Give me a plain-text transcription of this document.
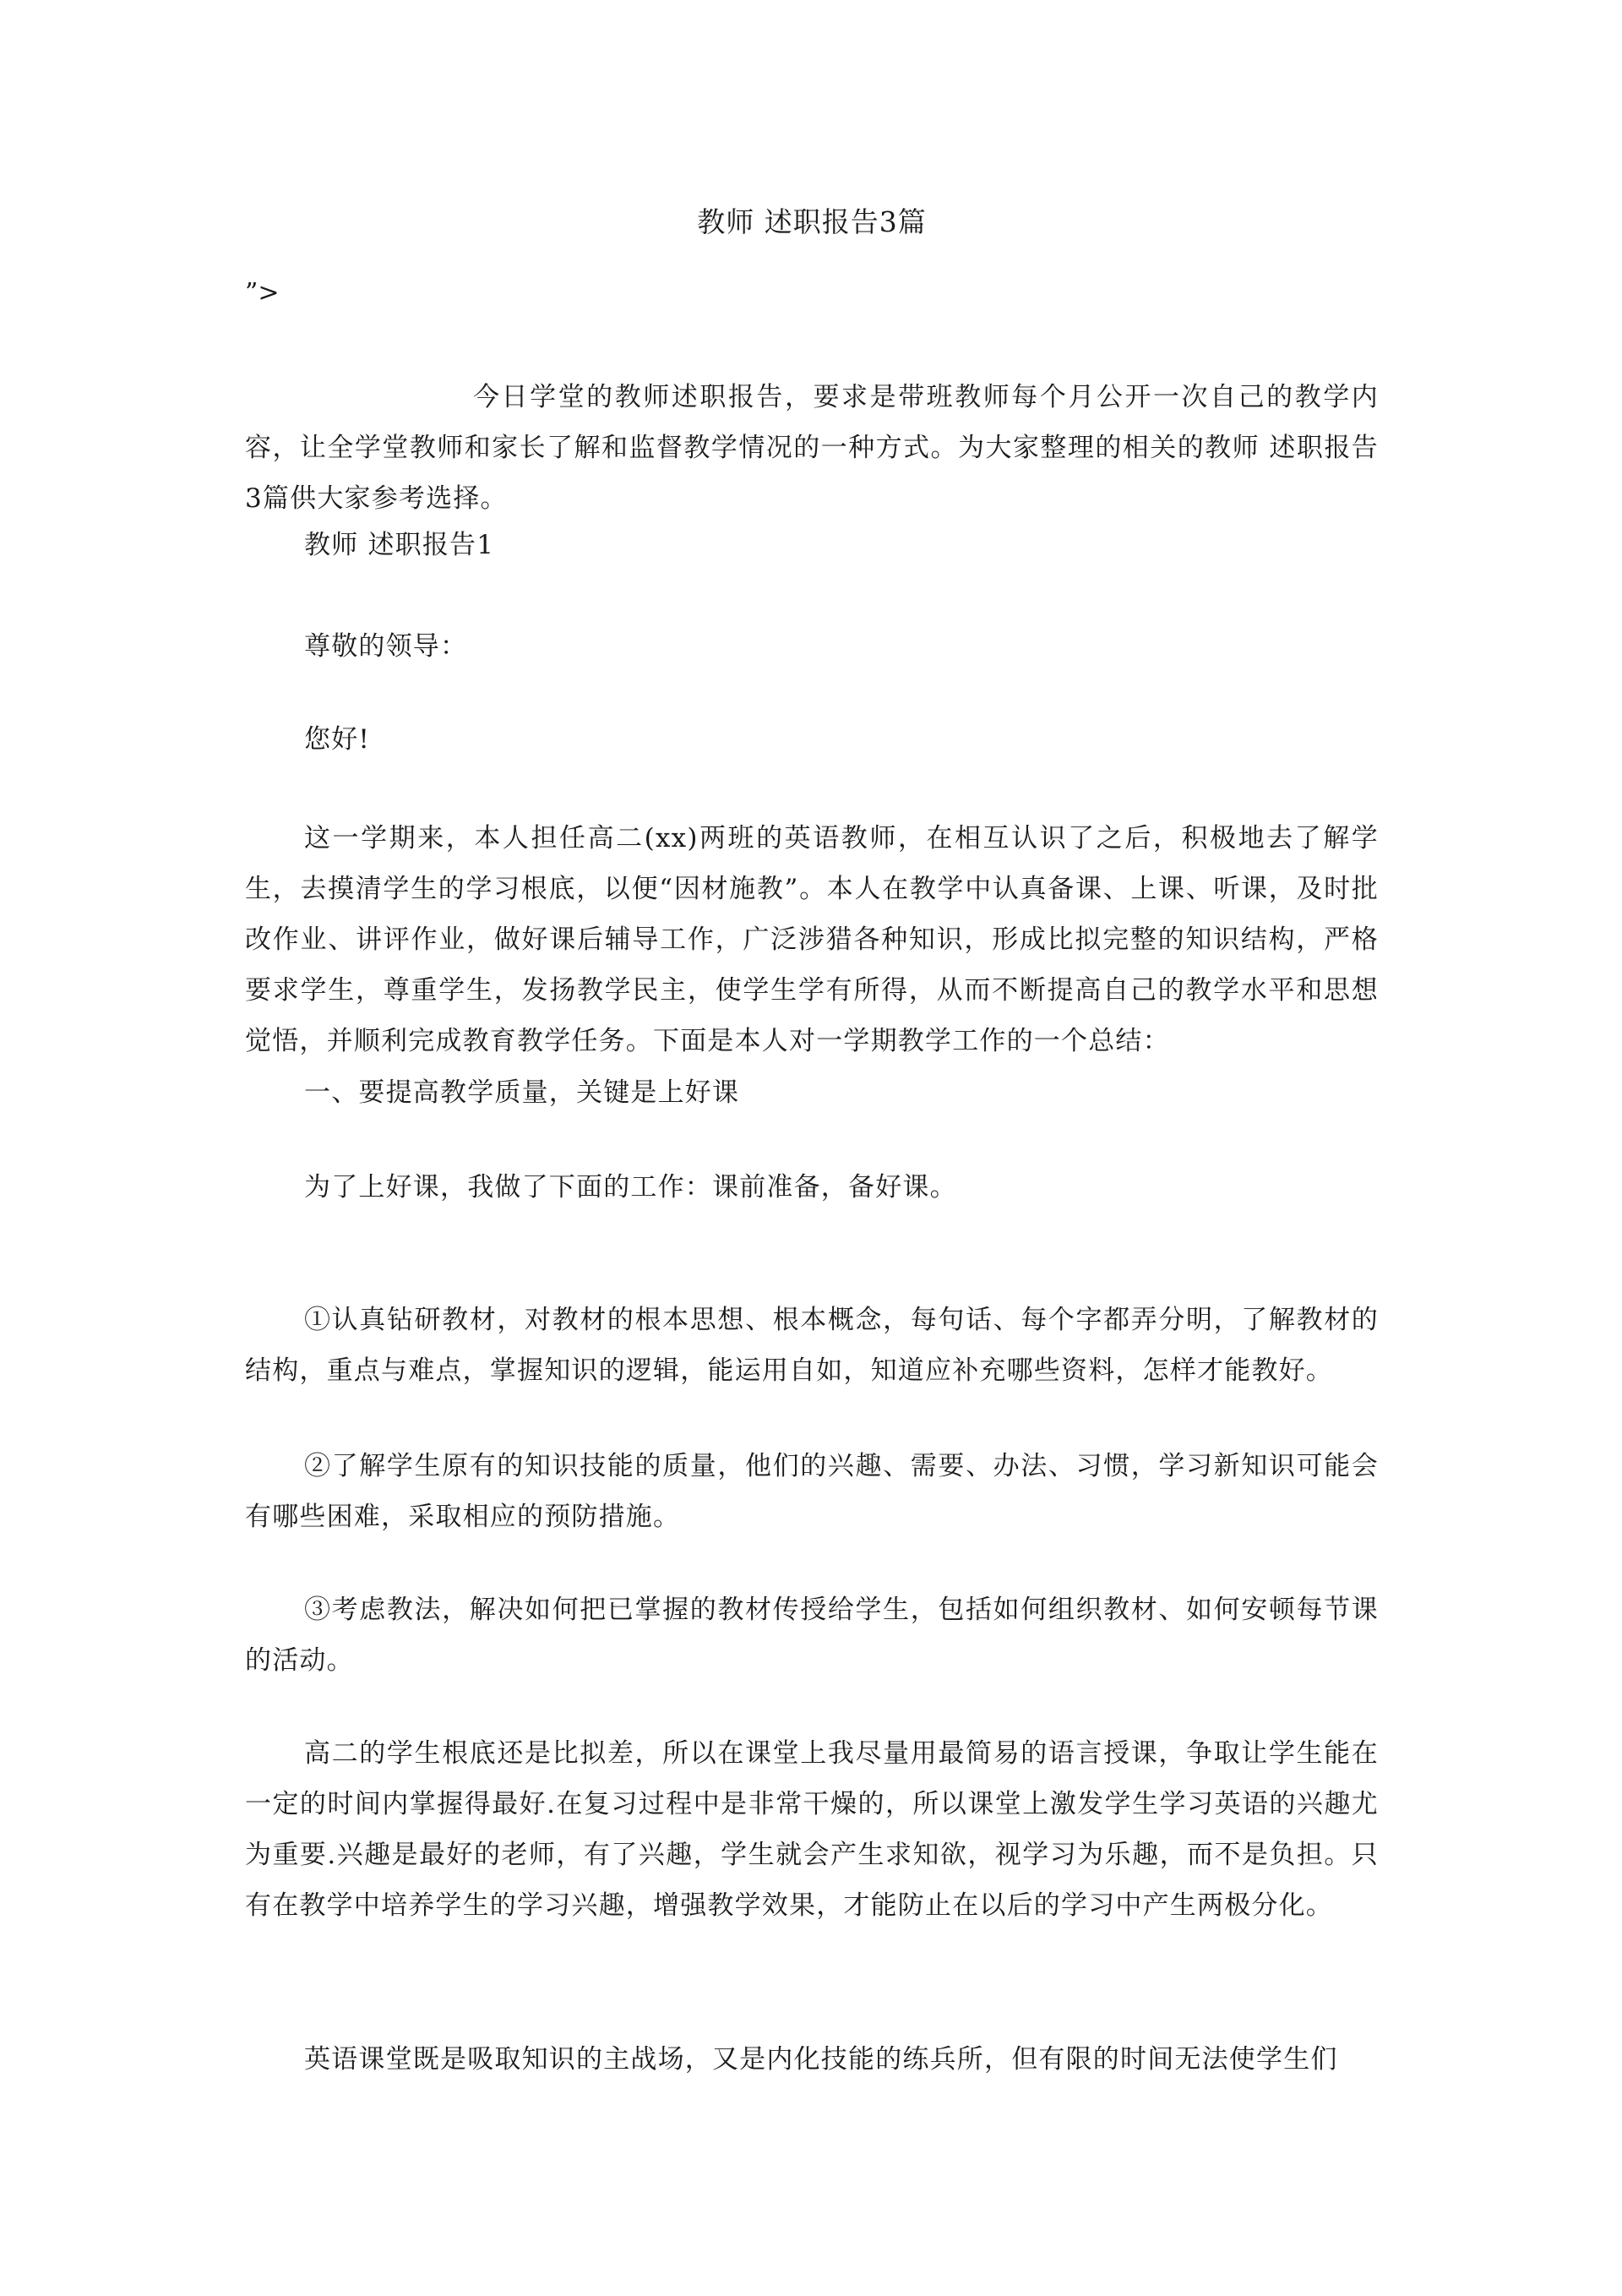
教师 述职报告3篇
”>

今日学堂的教师述职报告，要求是带班教师每个月公开一次自己的教学内容，让全学堂教师和家长了解和监督教学情况的一种方式。为大家整理的相关的教师 述职报告3篇供大家参考选择。

教师 述职报告1

尊敬的领导：

您好!

这一学期来，本人担任高二(xx)两班的英语教师，在相互认识了之后，积极地去了解学生，去摸清学生的学习根底，以便“因材施教”。本人在教学中认真备课、上课、听课，及时批改作业、讲评作业，做好课后辅导工作，广泛涉猎各种知识，形成比拟完整的知识结构，严格要求学生，尊重学生，发扬教学民主，使学生学有所得，从而不断提高自己的教学水平和思想觉悟，并顺利完成教育教学任务。下面是本人对一学期教学工作的一个总结：

一、要提高教学质量，关键是上好课

为了上好课，我做了下面的工作：课前准备，备好课。

①认真钻研教材，对教材的根本思想、根本概念，每句话、每个字都弄分明，了解教材的结构，重点与难点，掌握知识的逻辑，能运用自如，知道应补充哪些资料，怎样才能教好。

②了解学生原有的知识技能的质量，他们的兴趣、需要、办法、习惯，学习新知识可能会有哪些困难，采取相应的预防措施。

③考虑教法，解决如何把已掌握的教材传授给学生，包括如何组织教材、如何安顿每节课的活动。

高二的学生根底还是比拟差，所以在课堂上我尽量用最简易的语言授课，争取让学生能在一定的时间内掌握得最好.在复习过程中是非常干燥的，所以课堂上激发学生学习英语的兴趣尤为重要.兴趣是最好的老师，有了兴趣，学生就会产生求知欲，视学习为乐趣，而不是负担。只有在教学中培养学生的学习兴趣，增强教学效果，才能防止在以后的学习中产生两极分化。

英语课堂既是吸取知识的主战场，又是内化技能的练兵所，但有限的时间无法使学生们
